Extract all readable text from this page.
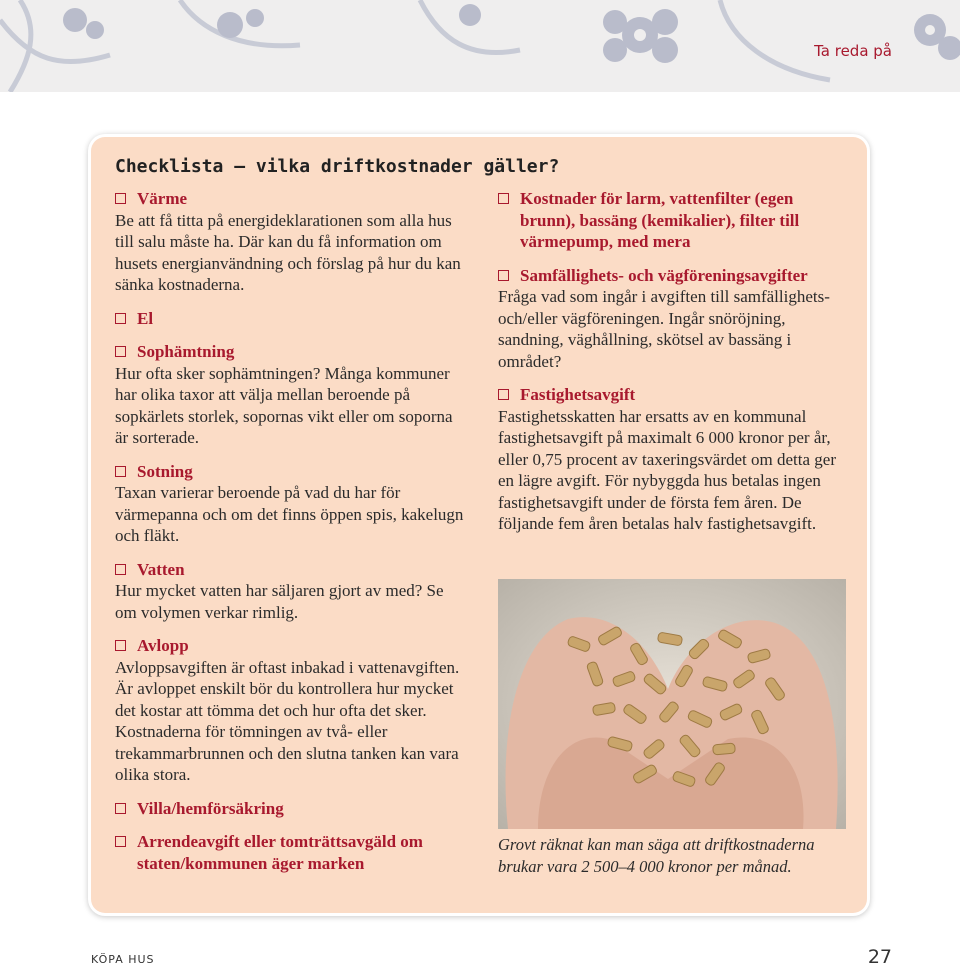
Ta reda på
Checklista – vilka driftkostnader gäller?
Värme
Be att få titta på energideklarationen som alla hus till salu måste ha. Där kan du få information om husets energianvändning och förslag på hur du kan sänka kostnaderna.
El
Sophämtning
Hur ofta sker sophämtningen? Många kommuner har olika taxor att välja mellan beroende på sopkärlets storlek, sopornas vikt eller om soporna är sorterade.
Sotning
Taxan varierar beroende på vad du har för värmepanna och om det finns öppen spis, kakelugn och fläkt.
Vatten
Hur mycket vatten har säljaren gjort av med? Se om volymen verkar rimlig.
Avlopp
Avloppsavgiften är oftast inbakad i vattenavgiften. Är avloppet enskilt bör du kontrollera hur mycket det kostar att tömma det och hur ofta det sker. Kostnaderna för tömningen av två- eller trekammarbrunnen och den slutna tanken kan vara olika stora.
Villa/hemförsäkring
Arrendeavgift eller tomträttsavgäld om staten/kommunen äger marken
Kostnader för larm, vattenfilter (egen brunn), bassäng (kemikalier), filter till värmepump, med mera
Samfällighets- och vägföreningsavgifter
Fråga vad som ingår i avgiften till samfällighets- och/eller vägföreningen. Ingår snöröjning, sandning, väghållning, skötsel av bassäng i området?
Fastighetsavgift
Fastighetsskatten har ersatts av en kommunal fastighetsavgift på maximalt 6 000 kronor per år, eller 0,75 procent av taxeringsvärdet om detta ger en lägre avgift. För nybyggda hus betalas ingen fastighetsavgift under de första fem åren. De följande fem åren betalas halv fastighetsavgift.
Grovt räknat kan man säga att driftkostnaderna brukar vara 2 500–4 000 kronor per månad.
KÖPA HUS	27
